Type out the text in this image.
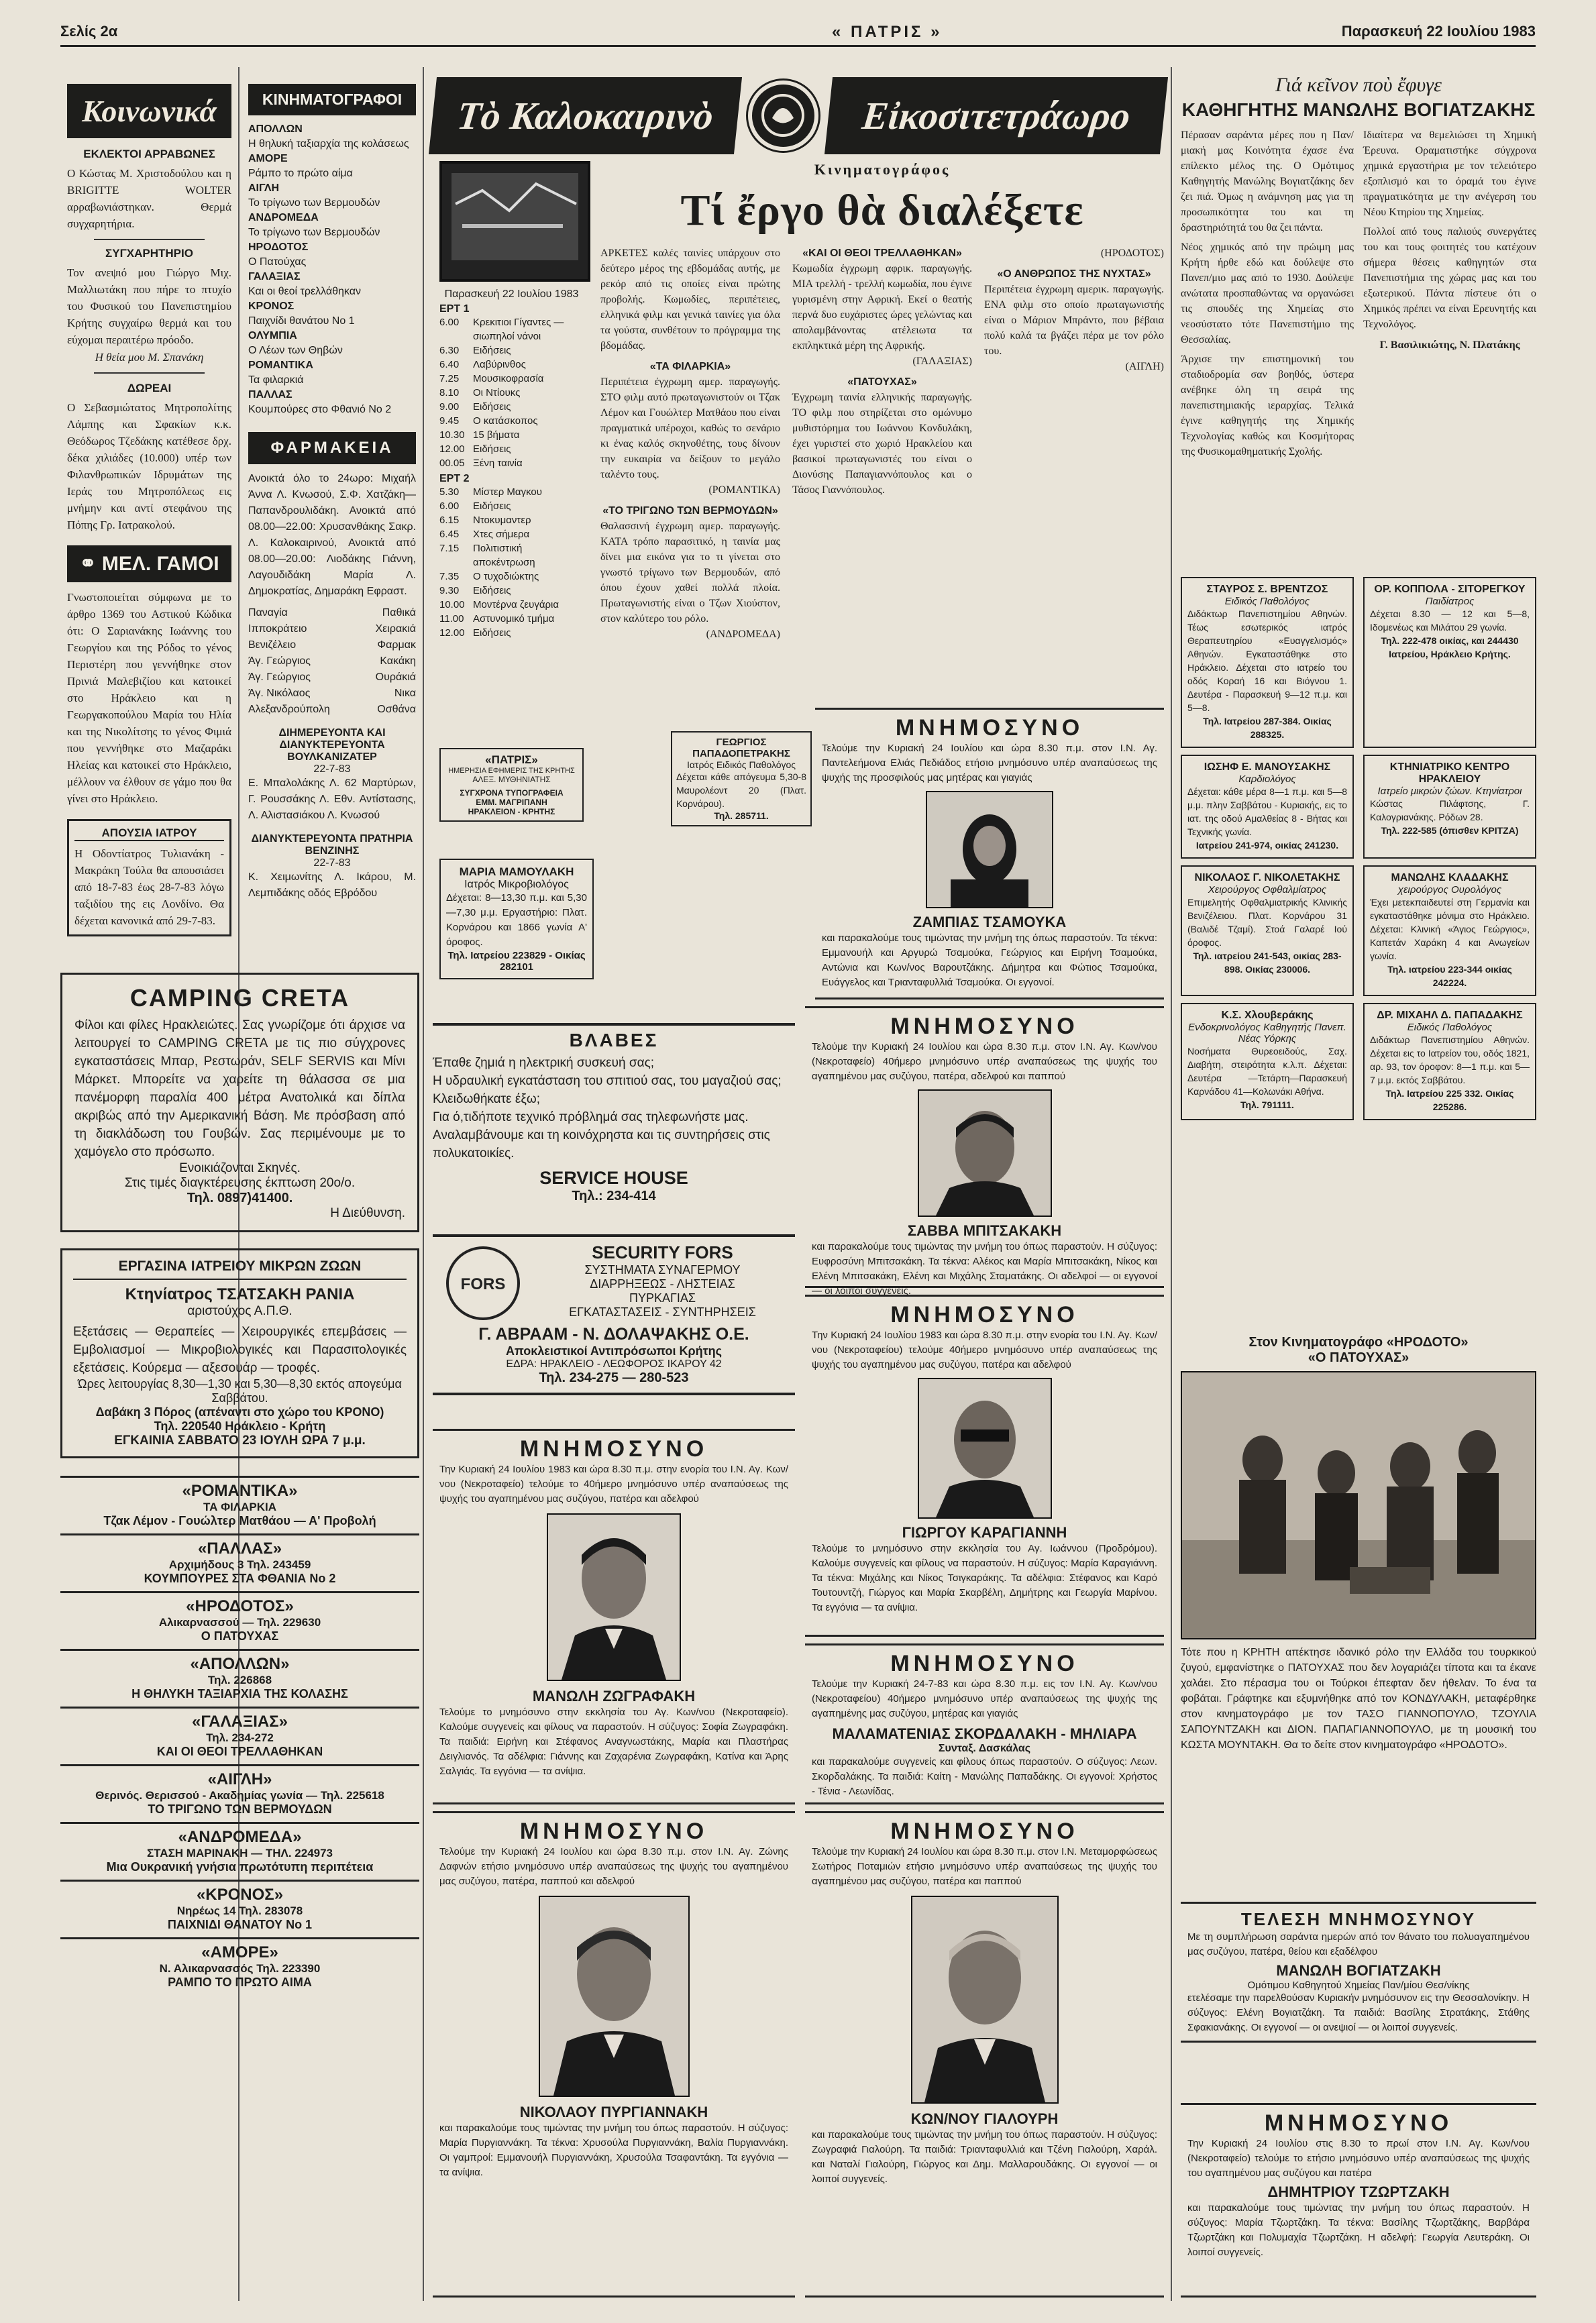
Σελίς 2α	« ΠΑΤΡΙΣ »	Παρασκευή 22 Ιουλίου 1983
Κοινωνικά
ΕΚΛΕΚΤΟΙ ΑΡΡΑΒΩΝΕΣ
Ο Κώστας Μ. Χριστοδούλου και η BRIGITTE WOLTER αρραβωνιάστηκαν. Θερμά συγχαρητήρια.
ΣΥΓΧΑΡΗΤΗΡΙΟ
Τον ανεψιό μου Γιώργο Μιχ. Μαλλιωτάκη που πήρε το πτυχίο του Φυσικού του Πανεπιστημίου Κρήτης συγχαίρω θερμά και του εύχομαι περαιτέρω πρόοδο.
Η θεία μου Μ. Σπανάκη
ΔΩΡΕΑΙ
Ο Σεβασμιώτατος Μητροπολίτης Λάμπης και Σφακίων κ.κ. Θεόδωρος Τζεδάκης κατέθεσε δρχ. δέκα χιλιάδες (10.000) υπέρ των Φιλανθρωπικών Ιδρυμάτων της Ιεράς του Μητροπόλεως εις μνήμην και αντί στεφάνου της Πόπης Γρ. Ιατρακολού.
⚭ ΜΕΛ. ΓΑΜΟΙ
Γνωστοποιείται σύμφωνα με το άρθρο 1369 του Αστικού Κώδικα ότι: Ο Σαριανάκης Ιωάννης του Γεωργίου και της Ρόδος το γένος Περιστέρη που γεννήθηκε στον Πρινιά Μαλεβιζίου και κατοικεί στο Ηράκλειο και η Γεωργακοπούλου Μαρία του Ηλία και της Νικολίτσης το γένος Φιμιά που γεννήθηκε στο Μαζαράκι Ηλείας και κατοικεί στο Ηράκλειο, μέλλουν να έλθουν σε γάμο που θα γίνει στο Ηράκλειο.
ΑΠΟΥΣΙΑ ΙΑΤΡΟΥ
Η Οδοντίατρος Τυλιανάκη - Μακράκη Τούλα θα απουσιάσει από 18-7-83 έως 28-7-83 λόγω ταξιδίου της εις Λονδίνο. Θα δέχεται κανονικά από 29-7-83.
CAMPING CRETA
Φίλοι και φίλες Ηρακλειώτες. Σας γνωρίζομε ότι άρχισε να λειτουργεί το CAMPING CRETA με τις πιο σύγχρονες εγκαταστάσεις Μπαρ, Ρεστωράν, SELF SERVIS και Μίνι Μάρκετ. Μπορείτε να χαρείτε τη θάλασσα σε μια πανέμορφη παραλία 400 μέτρα Ανατολικά και δίπλα ακριβώς από την Αμερικανική Βάση. Με πρόσβαση από τη διακλάδωση του Γουβών. Σας περιμένουμε με το χαμόγελο στο πρόσωπο.
Ενοικιάζονται Σκηνές.
Στις τιμές διαγκτέρευσης έκπτωση 20ο/ο.
Τηλ. 0897)41400.
Η Διεύθυνση.
ΕΡΓΑΣΙΝΑ ΙΑΤΡΕΙΟΥ ΜΙΚΡΩΝ ΖΩΩΝ
Κτηνίατρος ΤΣΑΤΣΑΚΗ ΡΑΝΙΑ
αριστούχος Α.Π.Θ.
Εξετάσεις — Θεραπείες — Χειρουργικές επεμβάσεις — Εμβολιασμοί — Μικροβιολογικές και Παρασιτολογικές εξετάσεις. Κούρεμα — αξεσουάρ — τροφές.
Ώρες λειτουργίας 8,30—1,30 και 5,30—8,30 εκτός απογεύμα Σαββάτου.
Δαβάκη 3 Πόρος (απέναντι στο χώρο του ΚΡΟΝΟ)
Τηλ. 220540 Ηράκλειο - Κρήτη
ΕΓΚΑΙΝΙΑ ΣΑΒΒΑΤΟ 23 ΙΟΥΛΗ ΩΡΑ 7 μ.μ.
«ΡΟΜΑΝΤΙΚΑ»
ΤΑ ΦΙΛΑΡΚΙΑ
Τζακ Λέμον - Γουώλτερ Ματθάου — Α' Προβολή
«ΠΑΛΛΑΣ»
Αρχιμήδους 3 Τηλ. 243459
ΚΟΥΜΠΟΥΡΕΣ ΣΤΑ ΦΘΑΝΙΑ No 2
«ΗΡΟΔΟΤΟΣ»
Αλικαρνασσού — Τηλ. 229630
Ο ΠΑΤΟΥΧΑΣ
«ΑΠΟΛΛΩΝ»
Τηλ. 226868
Η ΘΗΛΥΚΗ ΤΑΞΙΑΡΧΙΑ ΤΗΣ ΚΟΛΑΣΗΣ
«ΓΑΛΑΞΙΑΣ»
Τηλ. 234-272
ΚΑΙ ΟΙ ΘΕΟΙ ΤΡΕΛΛΑΘΗΚΑΝ
«ΑΙΓΛΗ»
Θερινός. Θερισσού - Ακαδημίας γωνία — Τηλ. 225618
ΤΟ ΤΡΙΓΩΝΟ ΤΩΝ ΒΕΡΜΟΥΔΩΝ
«ΑΝΔΡΟΜΕΔΑ»
ΣΤΑΣΗ ΜΑΡΙΝΑΚΗ — ΤΗΛ. 224973
Μια Ουκρανική γνήσια πρωτότυπη περιπέτεια
«ΚΡΟΝΟΣ»
Νηρέως 14 Τηλ. 283078
ΠΑΙΧΝΙΔΙ ΘΑΝΑΤΟΥ No 1
«ΑΜΟΡΕ»
Ν. Αλικαρνασσός Τηλ. 223390
ΡΑΜΠΟ ΤΟ ΠΡΩΤΟ ΑΙΜΑ
ΚΙΝΗΜΑΤΟΓΡΑΦΟΙ
ΑΠΟΛΛΩΝ
Η θηλυκή ταξιαρχία της κολάσεως
ΑΜΟΡΕ
Ράμπο το πρώτο αίμα
ΑΙΓΛΗ
Το τρίγωνο των Βερμουδών
ΑΝΔΡΟΜΕΔΑ
Το τρίγωνο των Βερμουδών
ΗΡΟΔΟΤΟΣ
Ο Πατούχας
ΓΑΛΑΞΙΑΣ
Και οι θεοί τρελλάθηκαν
ΚΡΟΝΟΣ
Παιχνίδι θανάτου No 1
ΟΛΥΜΠΙΑ
Ο Λέων των Θηβών
ΡΟΜΑΝΤΙΚΑ
Τα φιλαρκιά
ΠΑΛΛΑΣ
Κουμπούρες στο Φθανιό No 2
ΦΑΡΜΑΚΕΙΑ
Ανοικτά όλο το 24ωρο: Μιχαήλ Άννα Λ. Κνωσού, Σ.Φ. Χατζάκη—Παπανδρουλιδάκη. Ανοικτά από 08.00—22.00: Χρυσανθάκης Σακρ. Λ. Καλοκαιρινού, Ανοικτά από 08.00—20.00: Λιοδάκης Γιάννη, Λαγουδιδάκη Μαρία Λ. Δημοκρατίας, Δημαράκη Εφραστ.
Παναγία	Παθικά
Ιπποκράτειο	Χειρακιά
Βενιζέλειο	Φαρμακ
Άγ. Γεώργιος	Κακάκη
Άγ. Γεώργιος	Ουράκιά
Άγ. Νικόλαος	Νικα
Αλεξανδρούπολη	Οσθάνα
ΔΙΗΜΕΡΕΥΟΝΤΑ ΚΑΙ ΔΙΑΝΥΚΤΕΡΕΥΟΝΤΑ ΒΟΥΛΚΑΝΙΖΑΤΕΡ
22-7-83
Ε. Μπαλολάκης Λ. 62 Μαρτύρων, Γ. Ρουσσάκης Λ. Εθν. Αντίστασης, Λ. Αλιστασιάκου Λ. Κνωσού
ΔΙΑΝΥΚΤΕΡΕΥΟΝΤΑ ΠΡΑΤΗΡΙΑ ΒΕΝΖΙΝΗΣ
22-7-83
Κ. Χειμωνίτης Λ. Ικάρου, Μ. Λεμπιδάκης οδός Εβρόδου
Τὸ Καλοκαιρινὸ	Εἰκοσιτετράωρο
Παρασκευή 22 Ιουλίου 1983
ΕΡΤ 1
6.00	Κρεκιτιοι Γίγαντες — σιωπηλοί νάνοι
6.30	Ειδήσεις
6.40	Λαβύρινθος
7.25	Μουσικοφρασία
8.10	Οι Ντίουκς
9.00	Ειδήσεις
9.45	Ο κατάσκοπος
10.30 15 βήματα
12.00 Ειδήσεις
00.05 Ξένη ταινία
ΕΡΤ 2
5.30	Μίστερ Μαγκου
6.00	Ειδήσεις
6.15	Ντοκυμαντερ
6.45	Χτες σήμερα
7.15	Πολιτιστική αποκέντρωση
7.35	Ο τυχοδιώκτης
9.30	Ειδήσεις
10.00 Μοντέρνα ζευγάρια
11.00 Αστυνομικό τμήμα
12.00 Ειδήσεις
«ΠΑΤΡΙΣ»
ΗΜΕΡΗΣΙΑ ΕΦΗΜΕΡΙΣ ΤΗΣ ΚΡΗΤΗΣ
ΑΛΕΞ. ΜΥΘΗΝΙΑΤΗΣ
ΣΥΓΧΡΟΝΑ ΤΥΠΟΓΡΑΦΕΙΑ
ΕΜΜ. ΜΑΓΡΙΠΑΝΗ
ΗΡΑΚΛΕΙΟΝ - ΚΡΗΤΗΣ
ΜΑΡΙΑ ΜΑΜΟΥΛΑΚΗ
Ιατρός Μικροβιολόγος
Δέχεται: 8—13,30 π.μ. και 5,30—7,30 μ.μ. Εργαστήριο: Πλατ. Κορνάρου και 1866 γωνία Α' όροφος.
Τηλ. Ιατρείου 223829 - Οικίας 282101
Κινηματογράφος
Τί ἔργο θὰ διαλέξετε

ΑΡΚΕΤΕΣ καλές ταινίες υπάρχουν στο δεύτερο μέρος της εβδομάδας αυτής, με ρεκόρ από τις οποίες είναι πρώτης προβολής. Κωμωδίες, περιπέτειες, ελληνικά φιλμ και γενικά ταινίες για όλα τα γούστα, συνθέτουν το πρόγραμμα της βδομάδας.

«ΤΑ ΦΙΛΑΡΚΙΑ»

Περιπέτεια έγχρωμη αμερ. παραγωγής. ΣΤΟ φιλμ αυτό πρωταγωνιστούν οι Τζακ Λέμον και Γουώλτερ Ματθάου που είναι πραγματικά υπέροχοι, καθώς το σενάριο κι ένας καλός σκηνοθέτης, τους δίνουν την ευκαιρία να δείξουν το μεγάλο ταλέντο τους.

(ΡΟΜΑΝΤΙΚΑ)

«ΤΟ ΤΡΙΓΩΝΟ ΤΩΝ ΒΕΡΜΟΥΔΩΝ»

Θαλασσινή έγχρωμη αμερ. παραγωγής. ΚΑΤΑ τρόπο παρασιτικό, η ταινία μας δίνει μια εικόνα για το τι γίνεται στο γνωστό τρίγωνο των Βερμουδών, από όπου έχουν χαθεί πολλά πλοία. Πρωταγωνιστής είναι ο Τζων Χιούστον, στον καλύτερο του ρόλο.

(ΑΝΔΡΟΜΕΔΑ)

«ΚΑΙ ΟΙ ΘΕΟΙ ΤΡΕΛΛΑΘΗΚΑΝ»

Κωμωδία έγχρωμη αφρικ. παραγωγής. ΜΙΑ τρελλή - τρελλή κωμωδία, που έγινε γυρισμένη στην Αφρική. Εκεί ο θεατής περνά δυο ευχάριστες ώρες γελώντας και απολαμβάνοντας ατέλειωτα τα εκπληκτικά μέρη της Αφρικής.

(ΓΑΛΑΞΙΑΣ)

«ΠΑΤΟΥΧΑΣ»

Έγχρωμη ταινία ελληνικής παραγωγής. ΤΟ φιλμ που στηρίζεται στο ομώνυμο μυθιστόρημα του Ιωάννου Κονδυλάκη, έχει γυριστεί στο χωριό Ηρακλείου και βασικοί πρωταγωνιστές του είναι ο Διονύσης Παπαγιαννόπουλος και ο Τάσος Γιαννόπουλος.

(ΗΡΟΔΟΤΟΣ)

«Ο ΑΝΘΡΩΠΟΣ ΤΗΣ ΝΥΧΤΑΣ»

Περιπέτεια έγχρωμη αμερικ. παραγωγής. ΕΝΑ φιλμ στο οποίο πρωταγωνιστής είναι ο Μάριον Μπράντο, που βέβαια πολύ καλά τα βγάζει πέρα με τον ρόλο του.

(ΑΙΓΛΗ)

ΓΕΩΡΓΙΟΣ ΠΑΠΑΔΟΠΕΤΡΑΚΗΣ
Ιατρός Ειδικός Παθολόγος
Δέχεται κάθε απόγευμα 5,30-8 Μαυρολέοντ 20 (Πλατ. Κορνάρου).
Τηλ. 285711.
ΜΝΗΜΟΣΥΝΟ
Τελούμε την Κυριακή 24 Ιουλίου και ώρα 8.30 π.μ. στον Ι.Ν. Αγ. Παντελεήμονα Ελιάς Πεδιάδος ετήσιο μνημόσυνο υπέρ αναπαύσεως της ψυχής της προσφιλούς μας μητέρας και γιαγιάς
ΖΑΜΠΙΑΣ ΤΣΑΜΟΥΚΑ
και παρακαλούμε τους τιμώντας την μνήμη της όπως παραστούν. Τα τέκνα: Εμμανουήλ και Αργυρώ Τσαμούκα, Γεώργιος και Ειρήνη Τσαμούκα, Αντώνια και Κων/νος Βαρουτζάκης. Δήμητρα και Φώτιος Τσαμούκα, Ευάγγελος και Τριανταφυλλιά Τσαμούκα. Οι εγγονοί.
ΒΛΑΒΕΣ
Έπαθε ζημιά η ηλεκτρική συσκευή σας;
Η υδραυλική εγκατάσταση του σπιτιού σας, του μαγαζιού σας;
Κλειδωθήκατε έξω;
Για ό,τιδήποτε τεχνικό πρόβλημά σας τηλεφωνήστε μας.
Αναλαμβάνουμε και τη κοινόχρηστα και τις συντηρήσεις στις πολυκατοικίες.
SERVICE HOUSE
Τηλ.: 234-414
FORS
SECURITY FORS
ΣΥΣΤΗΜΑΤΑ ΣΥΝΑΓΕΡΜΟΥ
ΔΙΑΡΡΗΞΕΩΣ - ΛΗΣΤΕΙΑΣ
ΠΥΡΚΑΓΙΑΣ
ΕΓΚΑΤΑΣΤΑΣΕΙΣ - ΣΥΝΤΗΡΗΣΕΙΣ
Γ. ΑΒΡΑΑΜ - Ν. ΔΟΛΑΨΑΚΗΣ Ο.Ε.
Αποκλειστικοί Αντιπρόσωποι Κρήτης
ΕΔΡΑ: ΗΡΑΚΛΕΙΟ - ΛΕΩΦΟΡΟΣ ΙΚΑΡΟΥ 42
Τηλ. 234-275 — 280-523
ΜΝΗΜΟΣΥΝΟ
Την Κυριακή 24 Ιουλίου 1983 και ώρα 8.30 π.μ. στην ενορία του Ι.Ν. Αγ. Κων/νου (Νεκροταφείο) τελούμε το 40ήμερο μνημόσυνο υπέρ αναπαύσεως της ψυχής του αγαπημένου μας συζύγου, πατέρα και αδελφού
ΜΑΝΩΛΗ ΖΩΓΡΑΦΑΚΗ
Τελούμε το μνημόσυνο στην εκκλησία του Αγ. Κων/νου (Νεκροταφείο). Καλούμε συγγενείς και φίλους να παραστούν. Η σύζυγος: Σοφία Ζωγραφάκη. Τα παιδιά: Ειρήνη και Στέφανος Αναγνωστάκης, Μαρία και Πλαστήρας Δειγλιανός. Τα αδέλφια: Γιάννης και Ζαχαρένια Ζωγραφάκη, Κατίνα και Άρης Σαλγιάς. Τα εγγόνια — τα ανίψια.
ΜΝΗΜΟΣΥΝΟ
Τελούμε την Κυριακή 24 Ιουλίου και ώρα 8.30 π.μ. στον Ι.Ν. Αγ. Ζώνης Δαφνών ετήσιο μνημόσυνο υπέρ αναπαύσεως της ψυχής του αγαπημένου μας συζύγου, πατέρα, παππού και αδελφού
ΝΙΚΟΛΑΟΥ ΠΥΡΓΙΑΝΝΑΚΗ
και παρακαλούμε τους τιμώντας την μνήμη του όπως παραστούν. Η σύζυγος: Μαρία Πυργιαννάκη. Τα τέκνα: Χρυσούλα Πυργιαννάκη, Βαλία Πυργιαννάκη. Οι γαμπροί: Εμμανουήλ Πυργιαννάκη, Χρυσούλα Τσαφαντάκη. Τα εγγόνια — τα ανίψια.
ΜΝΗΜΟΣΥΝΟ
Τελούμε την Κυριακή 24 Ιουλίου και ώρα 8.30 π.μ. στον Ι.Ν. Αγ. Κων/νου (Νεκροταφείο) 40ήμερο μνημόσυνο υπέρ αναπαύσεως της ψυχής του αγαπημένου μας συζύγου, πατέρα, αδελφού και παππού
ΣΑΒΒΑ ΜΠΙΤΣΑΚΑΚΗ
και παρακαλούμε τους τιμώντας την μνήμη του όπως παραστούν. Η σύζυγος: Ευφροσύνη Μπιτσακάκη. Τα τέκνα: Αλέκος και Μαρία Μπιτσακάκη, Νίκος και Ελένη Μπιτσακάκη, Ελένη και Μιχάλης Σταματάκης. Οι αδελφοί — οι εγγονοί — οι λοιποί συγγενείς.
ΜΝΗΜΟΣΥΝΟ
Την Κυριακή 24 Ιουλίου 1983 και ώρα 8.30 π.μ. στην ενορία του Ι.Ν. Αγ. Κων/νου (Νεκροταφείου) τελούμε 40ήμερο μνημόσυνο υπέρ αναπαύσεως της ψυχής του αγαπημένου μας συζύγου, πατέρα και αδελφού
ΓΙΩΡΓΟΥ ΚΑΡΑΓΙΑΝΝΗ
Τελούμε το μνημόσυνο στην εκκλησία του Αγ. Ιωάννου (Προδρόμου). Καλούμε συγγενείς και φίλους να παραστούν. Η σύζυγος: Μαρία Καραγιάννη. Τα τέκνα: Μιχάλης και Νίκος Τσιγκαράκης. Τα αδέλφια: Στέφανος και Καρό Τουτουντζή, Γιώργος και Μαρία Σκαρβέλη, Δημήτρης και Γεωργία Μαρίνου. Τα εγγόνια — τα ανίψια.
ΜΝΗΜΟΣΥΝΟ
Τελούμε την Κυριακή 24-7-83 και ώρα 8.30 π.μ. εις τον Ι.Ν. Αγ. Κων/νου (Νεκροταφείου) 40ήμερο μνημόσυνο υπέρ αναπαύσεως της ψυχής της αγαπημένης μας συζύγου, μητέρας και γιαγιάς
ΜΑΛΑΜΑΤΕΝΙΑΣ ΣΚΟΡΔΑΛΑΚΗ - ΜΗΛΙΑΡΑ
Συνταξ. Δασκάλας
και παρακαλούμε συγγενείς και φίλους όπως παραστούν. Ο σύζυγος: Λεων. Σκορδαλάκης. Τα παιδιά: Καίτη - Μανώλης Παπαδάκης. Οι εγγονοί: Χρήστος - Τένια - Λεωνίδας.
ΜΝΗΜΟΣΥΝΟ
Τελούμε την Κυριακή 24 Ιουλίου και ώρα 8.30 π.μ. στον Ι.Ν. Μεταμορφώσεως Σωτήρος Ποταμιών ετήσιο μνημόσυνο υπέρ αναπαύσεως της ψυχής του αγαπημένου μας συζύγου, πατέρα και παππού
ΚΩΝ/ΝΟΥ ΓΙΑΛΟΥΡΗ
και παρακαλούμε τους τιμώντας την μνήμη του όπως παραστούν. Η σύζυγος: Ζωγραφιά Γιαλούρη. Τα παιδιά: Τριανταφυλλιά και Τζένη Γιαλούρη, Χαράλ. και Ναταλί Γιαλούρη, Γιώργος και Δημ. Μαλλαρουδάκης. Οι εγγονοί — οι λοιποί συγγενείς.
Γιά κεῖνον ποὺ ἔφυγε
ΚΑΘΗΓΗΤΗΣ ΜΑΝΩΛΗΣ ΒΟΓΙΑΤΖΑΚΗΣ

Πέρασαν σαράντα μέρες που η Παν/μιακή μας Κοινότητα έχασε ένα επίλεκτο μέλος της. Ο Ομότιμος Καθηγητής Μανώλης Βογιατζάκης δεν ζει πιά. Όμως η ανάμνηση μας για τη προσωπικότητα του και τη δραστηριότητά του θα ζει πάντα.

Νέος χημικός από την πρώιμη μας Κρήτη ήρθε εδώ και δούλεψε στο Πανεπ/μιο μας από το 1930. Δούλεψε ανώτατα προσπαθώντας να οργανώσει τις σπουδές της Χημείας στο νεοσύστατο τότε Πανεπιστήμιο της Θεσσαλίας.

Άρχισε την επιστημονική του σταδιοδρομία σαν βοηθός, ύστερα ανέβηκε όλη τη σειρά της πανεπιστημιακής ιεραρχίας. Τελικά έγινε καθηγητής της Χημικής Τεχνολογίας καθώς και Κοσμήτορας της Φυσικομαθηματικής Σχολής.

Ιδιαίτερα να θεμελιώσει τη Χημική Έρευνα. Οραματιστήκε σύγχρονα χημικά εργαστήρια με τον τελειότερο εξοπλισμό και το όραμά του έγινε πραγματικότητα με την ανέγερση του Νέου Κτηρίου της Χημείας.

Πολλοί από τους παλιούς συνεργάτες του και τους φοιτητές του κατέχουν σήμερα θέσεις καθηγητών στα Πανεπιστήμια της χώρας μας και του εξωτερικού. Πάντα πίστευε ότι ο Χημικός πρέπει να είναι Ερευνητής και Τεχνολόγος.

Γ. Βασιλικιώτης, Ν. Πλατάκης

ΣΤΑΥΡΟΣ Σ. ΒΡΕΝΤΖΟΣ
Ειδικός Παθολόγος
Διδάκτωρ Πανεπιστημίου Αθηνών. Τέως εσωτερικός ιατρός Θεραπευτηρίου «Ευαγγελισμός» Αθηνών. Εγκαταστάθηκε στο Ηράκλειο. Δέχεται στο ιατρείο του οδός Κοραή 16 και Βιόγνου 1. Δευτέρα - Παρασκευή 9—12 π.μ. και 5—8.
Τηλ. Ιατρείου 287-384. Οικίας 288325.
ΟΡ. ΚΟΠΠΟΛΑ - ΣΙΤΟΡΕΓΚΟΥ
Παιδίατρος
Δέχεται 8.30 — 12 και 5—8, Ιδομενέως και Μιλάτου 29 γωνία.
Τηλ. 222-478 οικίας, και 244430 Ιατρείου, Ηράκλειο Κρήτης.
ΙΩΣΗΦ Ε. ΜΑΝΟΥΣΑΚΗΣ
Καρδιολόγος
Δέχεται: κάθε μέρα 8—1 π.μ. και 5—8 μ.μ. πλην Σαββάτου - Κυριακής, εις το ιατ. της οδού Αμαλθείας 8 - Βήτας και Τεχνικής γωνία.
Ιατρείου 241-974, οικίας 241230.
ΚΤΗΝΙΑΤΡΙΚΟ ΚΕΝΤΡΟ ΗΡΑΚΛΕΙΟΥ
Ιατρείο μικρών ζώων. Κτηνίατροι
Κώστας Πιλάφτσης, Γ. Καλογριανάκης. Ρόδων 28.
Τηλ. 222-585 (όπισθεν ΚΡΙΤΖΑ)
ΝΙΚΟΛΑΟΣ Γ. ΝΙΚΟΛΕΤΑΚΗΣ
Χειρούργος Οφθαλμίατρος
Επιμελητής Οφθαλμιατρικής Κλινικής Βενιζέλειου. Πλατ. Κορνάρου 31 (Βαλιδέ Τζαμί). Στοά Γαλαρέ Ιού όροφος.
Τηλ. ιατρείου 241-543, οικίας 283-898. Οικίας 230006.
ΜΑΝΩΛΗΣ ΚΛΑΔΑΚΗΣ
χειρούργος Ουρολόγος
Έχει μετεκπαιδευτεί στη Γερμανία και εγκαταστάθηκε μόνιμα στο Ηράκλειο. Δέχεται: Κλινική «Άγιος Γεώργιος», Καπετάν Χαράκη 4 και Ανωγείων γωνία.
Τηλ. ιατρείου 223-344 οικίας 242224.
Κ.Σ. Χλουβεράκης
Ενδοκρινολόγος Καθηγητής Πανεπ. Νέας Υόρκης
Νοσήματα Θυρεοειδούς, Σαχ. Διαβήτη, στειρότητα κ.λ.π. Δέχεται: Δευτέρα —Τετάρτη—Παρασκευή Καρνάδου 41—Κολωνάκι Αθήνα.
Τηλ. 791111.
ΔΡ. ΜΙΧΑΗΛ Δ. ΠΑΠΑΔΑΚΗΣ
Ειδικός Παθολόγος
Διδάκτωρ Πανεπιστημίου Αθηνών. Δέχεται εις το Ιατρείον του, οδός 1821, αρ. 93, τον όροφον: 8—1 π.μ. και 5—7 μ.μ. εκτός Σαββάτου.
Τηλ. Ιατρείου 225 332. Οικίας 225286.
Στον Κινηματογράφο «ΗΡΟΔΟΤΟ»
«Ο ΠΑΤΟΥΧΑΣ»
Τότε που η ΚΡΗΤΗ απέκτησε ιδανικό ρόλο την Ελλάδα του τουρκικού ζυγού, εμφανίστηκε ο ΠΑΤΟΥΧΑΣ που δεν λογαριάζει τίποτα και τα έκανε χαλάει. Στο πέρασμα του οι Τούρκοι έπεφταν δεν ήθελαν. Το ένα τα φοβάται. Γράφτηκε και εξυμνήθηκε από τον ΚΟΝΔΥΛΑΚΗ, μεταφέρθηκε στον κινηματογράφο με τον ΤΑΣΟ ΓΙΑΝΝΟΠΟΥΛΟ, ΤΖΟΥΛΙΑ ΣΑΠΟΥΝΤΖΑΚΗ και ΔΙΟΝ. ΠΑΠΑΓΙΑΝΝΟΠΟΥΛΟ, με τη μουσική του ΚΩΣΤΑ ΜΟΥΝΤΑΚΗ. Θα το δείτε στον κινηματογράφο «ΗΡΟΔΟΤΟ».
ΤΕΛΕΣΗ ΜΝΗΜΟΣΥΝΟΥ
Με τη συμπλήρωση σαράντα ημερών από τον θάνατο του πολυαγαπημένου μας συζύγου, πατέρα, θείου και εξαδέλφου
ΜΑΝΩΛΗ ΒΟΓΙΑΤΖΑΚΗ
Ομότιμου Καθηγητού Χημείας Παν/μίου Θεσ/νίκης
ετελέσαμε την παρελθούσαν Κυριακήν μνημόσυνον εις την Θεσσαλονίκην. Η σύζυγος: Ελένη Βογιατζάκη. Τα παιδιά: Βασίλης Στρατάκης, Στάθης Σφακιανάκης. Οι εγγονοί — οι ανεψιοί — οι λοιποί συγγενείς.
ΜΝΗΜΟΣΥΝΟ
Την Κυριακή 24 Ιουλίου στις 8.30 το πρωί στον Ι.Ν. Αγ. Κων/νου (Νεκροταφείο) τελούμε το ετήσιο μνημόσυνο υπέρ αναπαύσεως της ψυχής του αγαπημένου μας συζύγου και πατέρα
ΔΗΜΗΤΡΙΟΥ ΤΖΩΡΤΖΑΚΗ
και παρακαλούμε τους τιμώντας την μνήμη του όπως παραστούν. Η σύζυγος: Μαρία Τζωρτζάκη. Τα τέκνα: Βασίλης Τζωρτζάκης, Βαρβάρα Τζωρτζάκη και Πολυμαχία Τζωρτζάκη. Η αδελφή: Γεωργία Λευτεράκη. Οι λοιποί συγγενείς.
